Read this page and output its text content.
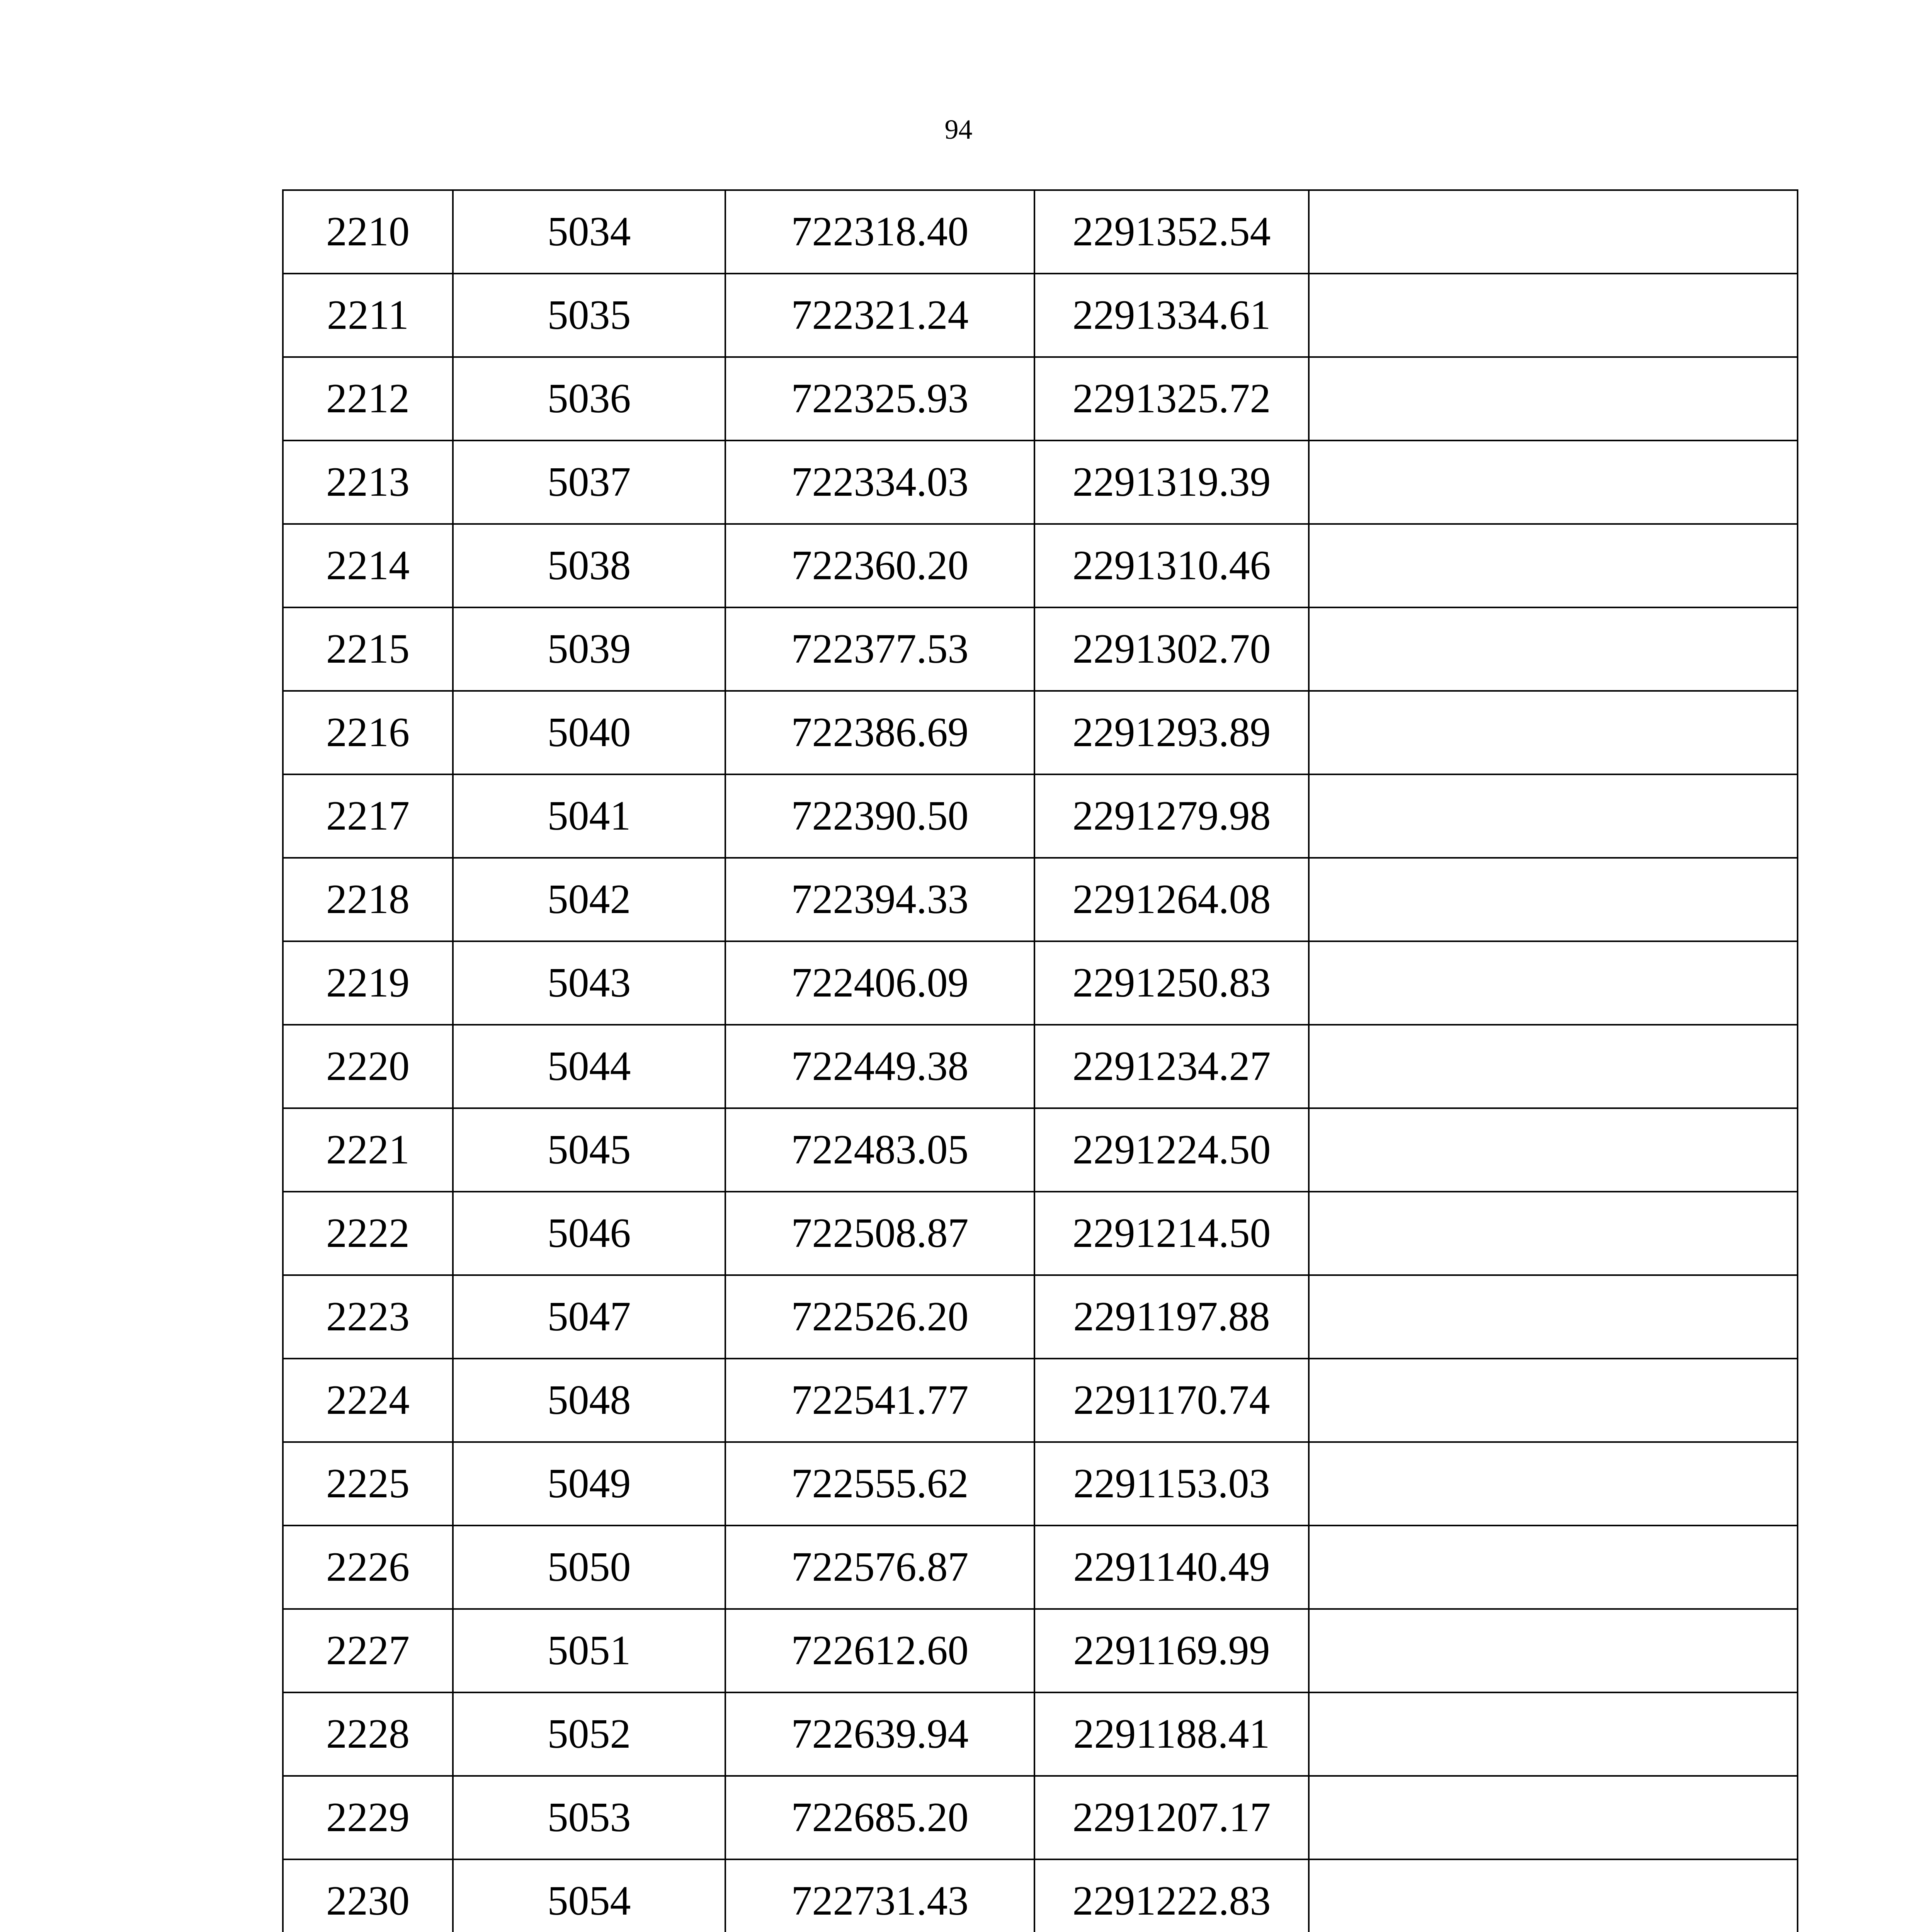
94
2210	5034	722318.40	2291352.54	
2211	5035	722321.24	2291334.61	
2212	5036	722325.93	2291325.72	
2213	5037	722334.03	2291319.39	
2214	5038	722360.20	2291310.46	
2215	5039	722377.53	2291302.70	
2216	5040	722386.69	2291293.89	
2217	5041	722390.50	2291279.98	
2218	5042	722394.33	2291264.08	
2219	5043	722406.09	2291250.83	
2220	5044	722449.38	2291234.27	
2221	5045	722483.05	2291224.50	
2222	5046	722508.87	2291214.50	
2223	5047	722526.20	2291197.88	
2224	5048	722541.77	2291170.74	
2225	5049	722555.62	2291153.03	
2226	5050	722576.87	2291140.49	
2227	5051	722612.60	2291169.99	
2228	5052	722639.94	2291188.41	
2229	5053	722685.20	2291207.17	
2230	5054	722731.43	2291222.83	
